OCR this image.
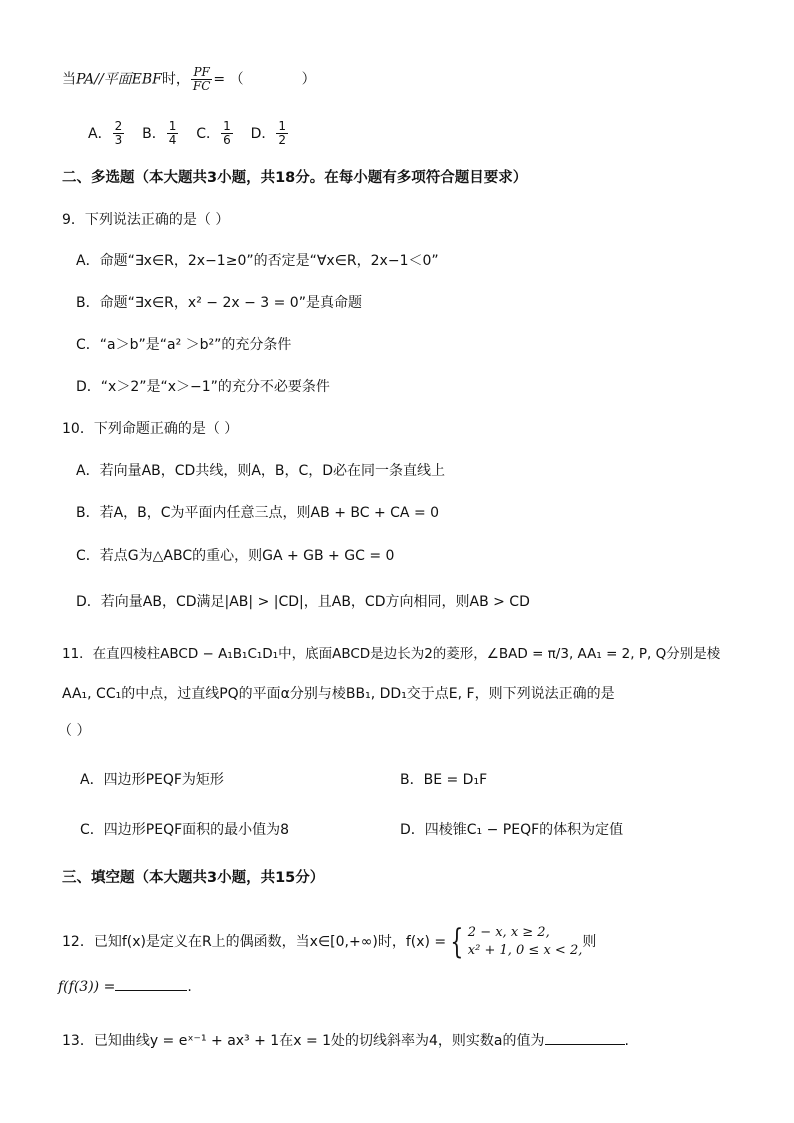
当PA//平面EBF时， $\frac{PF}{FC}$ = （	）
A． $\frac{2}{3}$ B． $\frac{1}{4}$ C． $\frac{1}{6}$ D． $\frac{1}{2}$
二、多选题（本大题共3小题，共18分。在每小题有多项符合题目要求）
9．下列说法正确的是（ ）
A．命题“∃x∈R，2x−1≥0”的否定是“∀x∈R，2x−1＜0”
B．命题“∃x∈R，x² − 2x − 3 = 0”是真命题
C．“a＞b”是“a² ＞b²”的充分条件
D．“x＞2”是“x＞−1”的充分不必要条件
10．下列命题正确的是（ ）
A．若向量AB，CD共线，则A，B，C，D必在同一条直线上
B．若A，B，C为平面内任意三点，则AB + BC + CA = 0
C．若点G为△ABC的重心，则GA + GB + GC = 0
D．若向量AB，CD满足|AB| > |CD|，且AB，CD方向相同，则AB > CD
11．在直四棱柱ABCD − A₁B₁C₁D₁中，底面ABCD是边长为2的菱形，∠BAD = π/3, AA₁ = 2, P, Q分别是棱
AA₁, CC₁的中点，过直线PQ的平面α分别与棱BB₁, DD₁交于点E, F，则下列说法正确的是
（ ）
A．四边形PEQF为矩形	B．BE = D₁F
C．四边形PEQF面积的最小值为8	D．四棱锥C₁ − PEQF的体积为定值
三、填空题（本大题共3小题，共15分）
12．已知f(x)是定义在R上的偶函数，当x∈[0,+∞)时，f(x) = { 2 − x, x ≥ 2,
x² + 1, 0 ≤ x < 2,
则
f(f(3)) =	.
13．已知曲线y = eˣ⁻¹ + ax³ + 1在x = 1处的切线斜率为4，则实数a的值为	.
